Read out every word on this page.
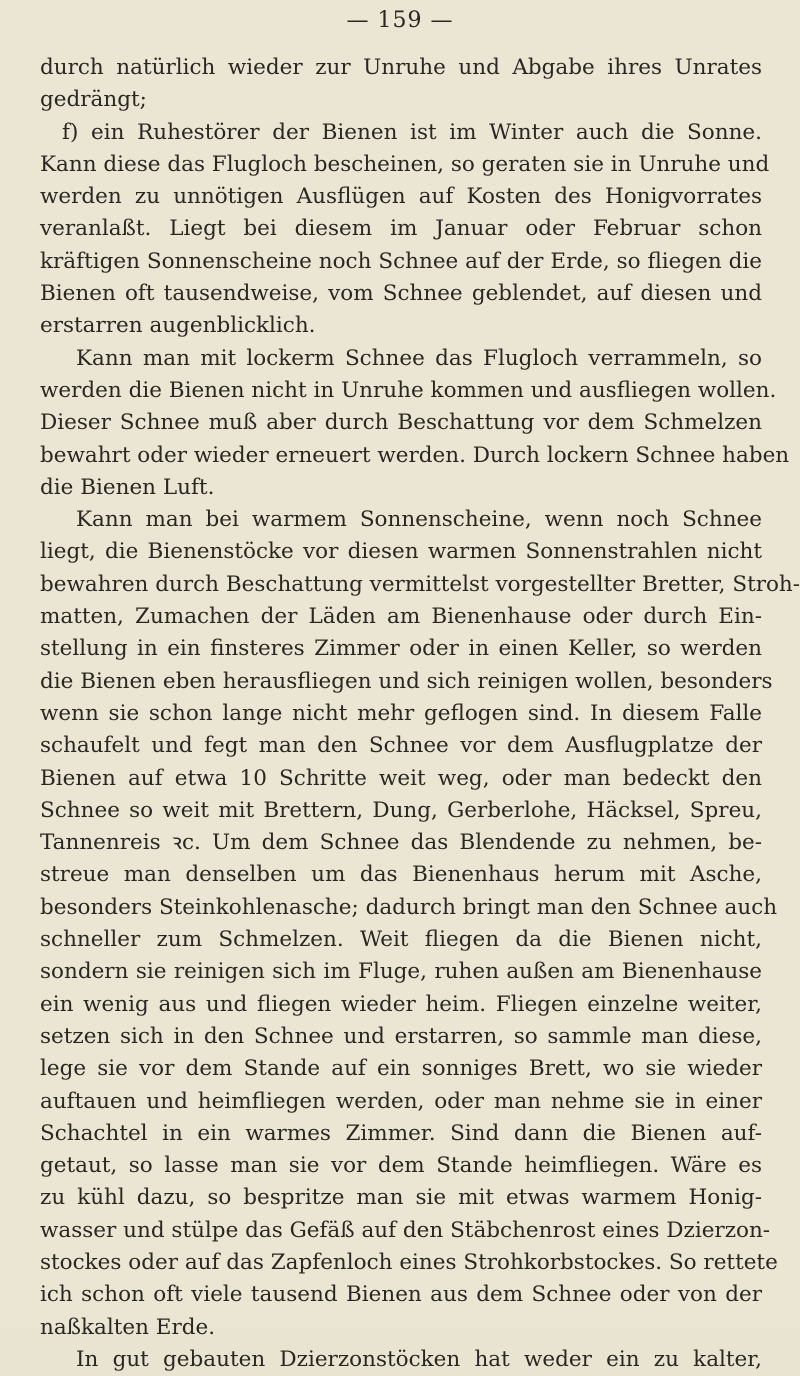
— 159 —
durch natürlich wieder zur Unruhe und Abgabe ihres Unrates
gedrängt;
f) ein Ruhestörer der Bienen ist im Winter auch die Sonne.
Kann diese das Flugloch bescheinen, so geraten sie in Unruhe und
werden zu unnötigen Ausflügen auf Kosten des Honigvorrates
veranlaßt. Liegt bei diesem im Januar oder Februar schon
kräftigen Sonnenscheine noch Schnee auf der Erde, so fliegen die
Bienen oft tausendweise, vom Schnee geblendet, auf diesen und
erstarren augenblicklich.
Kann man mit lockerm Schnee das Flugloch verrammeln, so
werden die Bienen nicht in Unruhe kommen und ausfliegen wollen.
Dieser Schnee muß aber durch Beschattung vor dem Schmelzen
bewahrt oder wieder erneuert werden. Durch lockern Schnee haben
die Bienen Luft.
Kann man bei warmem Sonnenscheine, wenn noch Schnee
liegt, die Bienenstöcke vor diesen warmen Sonnenstrahlen nicht
bewahren durch Beschattung vermittelst vorgestellter Bretter, Stroh-
matten, Zumachen der Läden am Bienenhause oder durch Ein-
stellung in ein finsteres Zimmer oder in einen Keller, so werden
die Bienen eben herausfliegen und sich reinigen wollen, besonders
wenn sie schon lange nicht mehr geflogen sind. In diesem Falle
schaufelt und fegt man den Schnee vor dem Ausflugplatze der
Bienen auf etwa 10 Schritte weit weg, oder man bedeckt den
Schnee so weit mit Brettern, Dung, Gerberlohe, Häcksel, Spreu,
Tannenreis ꝛc. Um dem Schnee das Blendende zu nehmen, be-
streue man denselben um das Bienenhaus herum mit Asche,
besonders Steinkohlenasche; dadurch bringt man den Schnee auch
schneller zum Schmelzen. Weit fliegen da die Bienen nicht,
sondern sie reinigen sich im Fluge, ruhen außen am Bienenhause
ein wenig aus und fliegen wieder heim. Fliegen einzelne weiter,
setzen sich in den Schnee und erstarren, so sammle man diese,
lege sie vor dem Stande auf ein sonniges Brett, wo sie wieder
auftauen und heimfliegen werden, oder man nehme sie in einer
Schachtel in ein warmes Zimmer. Sind dann die Bienen auf-
getaut, so lasse man sie vor dem Stande heimfliegen. Wäre es
zu kühl dazu, so bespritze man sie mit etwas warmem Honig-
wasser und stülpe das Gefäß auf den Stäbchenrost eines Dzierzon-
stockes oder auf das Zapfenloch eines Strohkorbstockes. So rettete
ich schon oft viele tausend Bienen aus dem Schnee oder von der
naßkalten Erde.
In gut gebauten Dzierzonstöcken hat weder ein zu kalter,
